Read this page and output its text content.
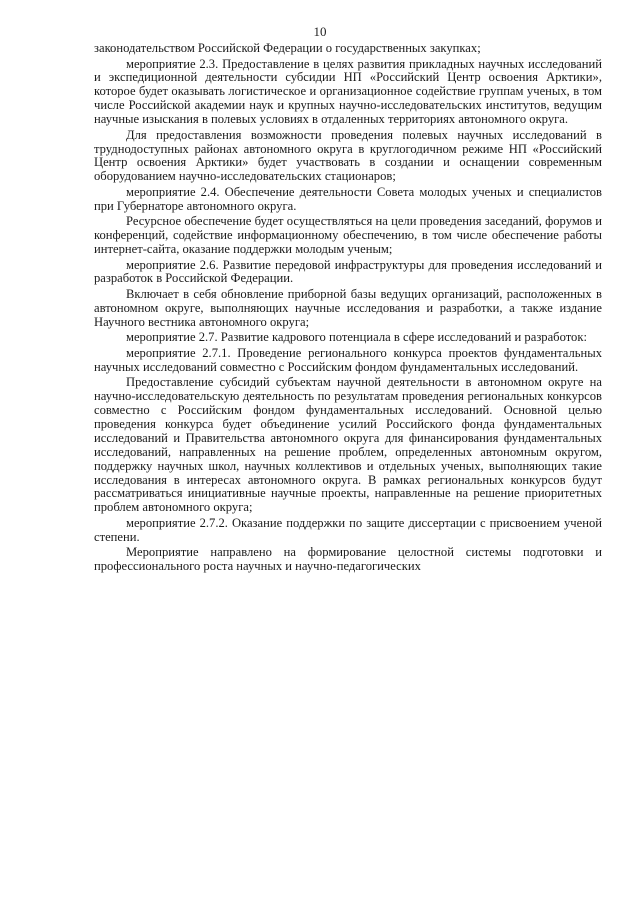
10

законодательством Российской Федерации о государственных закупках;

мероприятие 2.3. Предоставление в целях развития прикладных научных исследований и экспедиционной деятельности субсидии НП «Российский Центр освоения Арктики», которое будет оказывать логистическое и организационное содействие группам ученых, в том числе Российской академии наук и крупных научно-исследовательских институтов, ведущим научные изыскания в полевых условиях в отдаленных территориях автономного округа.

Для предоставления возможности проведения полевых научных исследований в труднодоступных районах автономного округа в круглогодичном режиме НП «Российский Центр освоения Арктики» будет участвовать в создании и оснащении современным оборудованием научно-исследовательских стационаров;

мероприятие 2.4. Обеспечение деятельности Совета молодых ученых и специалистов при Губернаторе автономного округа.

Ресурсное обеспечение будет осуществляться на цели проведения заседаний, форумов и конференций, содействие информационному обеспечению, в том числе обеспечение работы интернет-сайта, оказание поддержки молодым ученым;

мероприятие 2.6. Развитие передовой инфраструктуры для проведения исследований и разработок в Российской Федерации.

Включает в себя обновление приборной базы ведущих организаций, расположенных в автономном округе, выполняющих научные исследования и разработки, а также издание Научного вестника автономного округа;

мероприятие 2.7. Развитие кадрового потенциала в сфере исследований и разработок:

мероприятие 2.7.1. Проведение регионального конкурса проектов фундаментальных научных исследований совместно с Российским фондом фундаментальных исследований.

Предоставление субсидий субъектам научной деятельности в автономном округе на научно-исследовательскую деятельность по результатам проведения региональных конкурсов совместно с Российским фондом фундаментальных исследований. Основной целью проведения конкурса будет объединение усилий Российского фонда фундаментальных исследований и Правительства автономного округа для финансирования фундаментальных исследований, направленных на решение проблем, определенных автономным округом, поддержку научных школ, научных коллективов и отдельных ученых, выполняющих такие исследования в интересах автономного округа. В рамках региональных конкурсов будут рассматриваться инициативные научные проекты, направленные на решение приоритетных проблем автономного округа;

мероприятие 2.7.2. Оказание поддержки по защите диссертации с присвоением ученой степени.

Мероприятие направлено на формирование целостной системы подготовки и профессионального роста научных и научно-педагогических
